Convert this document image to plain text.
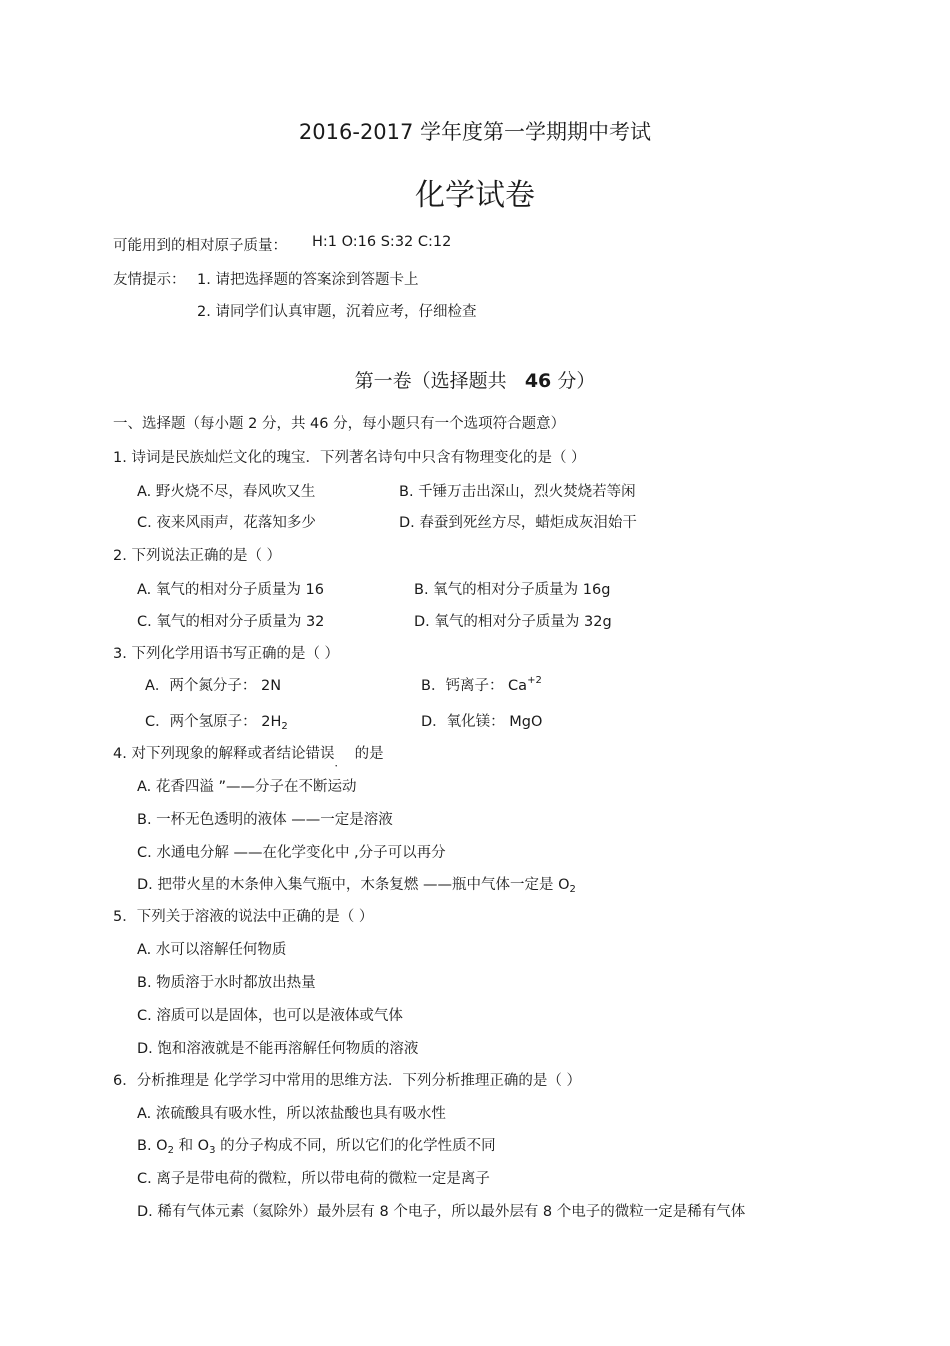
2016-2017 学年度第一学期期中考试
化学试卷
可能用到的相对原子质量： H:1 O:16 S:32 C:12
友情提示： 1. 请把选择题的答案涂到答题卡上
2. 请同学们认真审题，沉着应考，仔细检查
第一卷（选择题共 46 分）
一、选择题（每小题 2 分，共 46 分，每小题只有一个选项符合题意）
1. 诗词是民族灿烂文化的瑰宝．下列著名诗句中只含有物理变化的是（ ）
A. 野火烧不尽，春风吹又生	B. 千锤万击出深山，烈火焚烧若等闲
C. 夜来风雨声，花落知多少	D. 春蚕到死丝方尽，蜡炬成灰泪始干
2. 下列说法正确的是（ ）
A. 氧气的相对分子质量为 16	B. 氧气的相对分子质量为 16g
C. 氧气的相对分子质量为 32	D. 氧气的相对分子质量为 32g
3. 下列化学用语书写正确的是（ ）
A．两个氮分子： 2N	B．钙离子： $Ca^{+2}$
C．两个氢原子： $2H_2$	D．氧化镁： MgO
4. 对下列现象的解释或者结论错误$_.$  的是
A. 花香四溢 ”——分子在不断运动
B. 一杯无色透明的液体 ——一定是溶液
C. 水通电分解 ——在化学变化中 ,分子可以再分
D. 把带火星的木条伸入集气瓶中，木条复燃 ——瓶中气体一定是 $O_2$
5．下列关于溶液的说法中正确的是（ ）
A. 水可以溶解任何物质
B. 物质溶于水时都放出热量
C. 溶质可以是固体，也可以是液体或气体
D. 饱和溶液就是不能再溶解任何物质的溶液
6．分析推理是 化学学习中常用的思维方法．下列分析推理正确的是（ ）
A. 浓硫酸具有吸水性，所以浓盐酸也具有吸水性
B. $O_2$ 和 $O_3$ 的分子构成不同，所以它们的化学性质不同
C. 离子是带电荷的微粒，所以带电荷的微粒一定是离子
D. 稀有气体元素（氦除外）最外层有 8 个电子，所以最外层有 8 个电子的微粒一定是稀有气体
